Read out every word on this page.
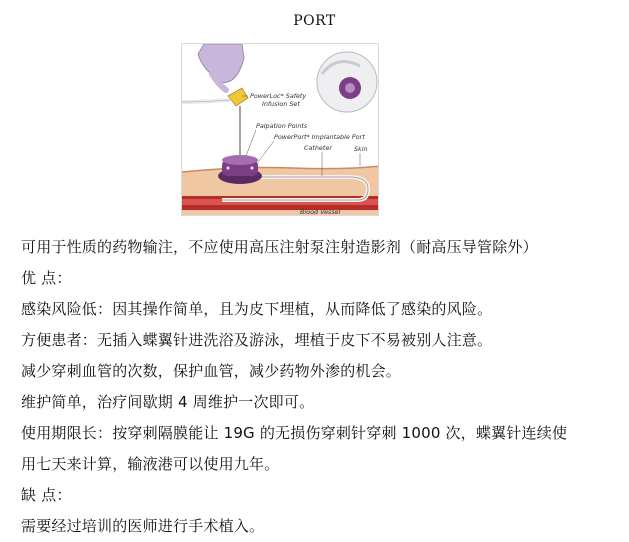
PORT
PowerLoc* Safety
Infusion Set
Palpation Points
PowerPort* Implantable Port
Catheter	Skin
Blood Vessel
可用于性质的药物输注，不应使用高压注射泵注射造影剂（耐高压导管除外）
优 点：
感染风险低：因其操作简单，且为皮下埋植，从而降低了感染的风险。
方便患者：无插入蝶翼针进洗浴及游泳，埋植于皮下不易被别人注意。
减少穿刺血管的次数，保护血管，减少药物外渗的机会。
维护简单，治疗间歇期 4 周维护一次即可。
使用期限长：按穿刺隔膜能让 19G 的无损伤穿刺针穿刺 1000 次，蝶翼针连续使
用七天来计算，输液港可以使用九年。
缺 点：
需要经过培训的医师进行手术植入。
